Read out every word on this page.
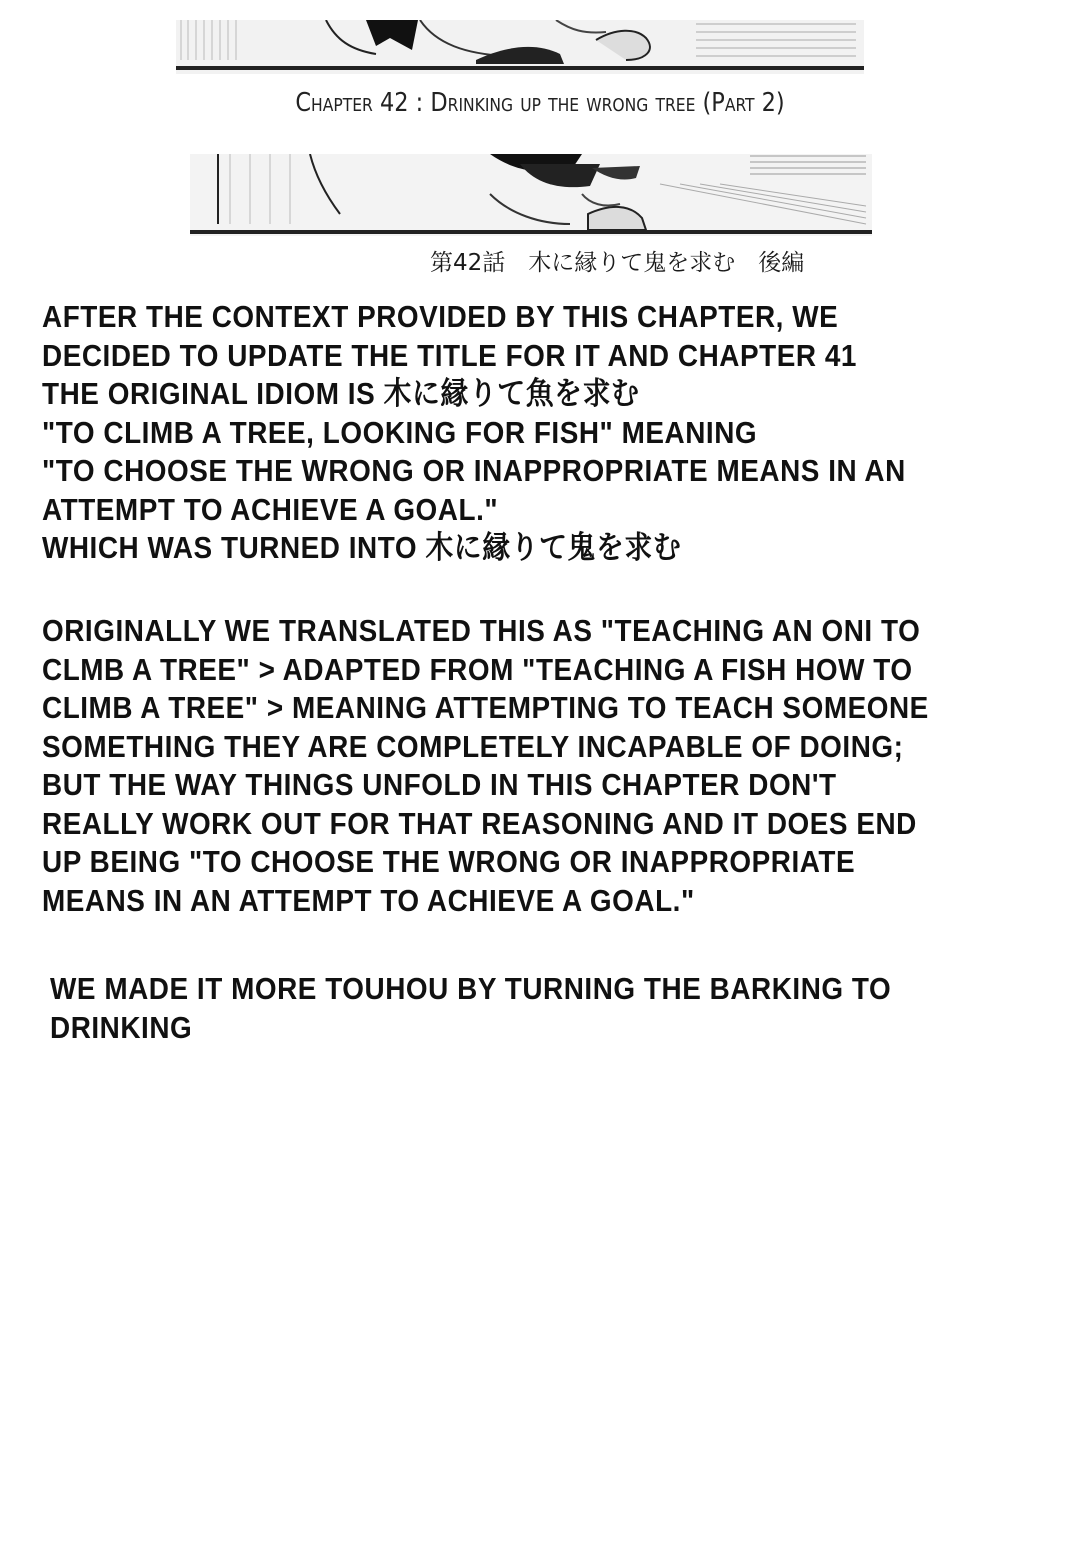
Chapter 42 : Drinking up the wrong tree (Part 2)
第42話　木に縁りて鬼を求む　後編

AFTER THE CONTEXT PROVIDED BY THIS CHAPTER, WE

DECIDED TO UPDATE THE TITLE FOR IT AND CHAPTER 41

THE ORIGINAL IDIOM IS 木に縁りて魚を求む

"TO CLIMB A TREE, LOOKING FOR FISH" MEANING

"TO CHOOSE THE WRONG OR INAPPROPRIATE MEANS IN AN

ATTEMPT TO ACHIEVE A GOAL."

WHICH WAS TURNED INTO 木に縁りて鬼を求む

ORIGINALLY WE TRANSLATED THIS AS "TEACHING AN ONI TO

CLMB A TREE" > ADAPTED FROM "TEACHING A FISH HOW TO

CLIMB A TREE" > MEANING ATTEMPTING TO TEACH SOMEONE

SOMETHING THEY ARE COMPLETELY INCAPABLE OF DOING;

BUT THE WAY THINGS UNFOLD IN THIS CHAPTER DON'T

REALLY WORK OUT FOR THAT REASONING AND IT DOES END

UP BEING "TO CHOOSE THE WRONG OR INAPPROPRIATE

MEANS IN AN ATTEMPT TO ACHIEVE A GOAL."

WE MADE IT MORE TOUHOU BY TURNING THE BARKING TO

DRINKING
